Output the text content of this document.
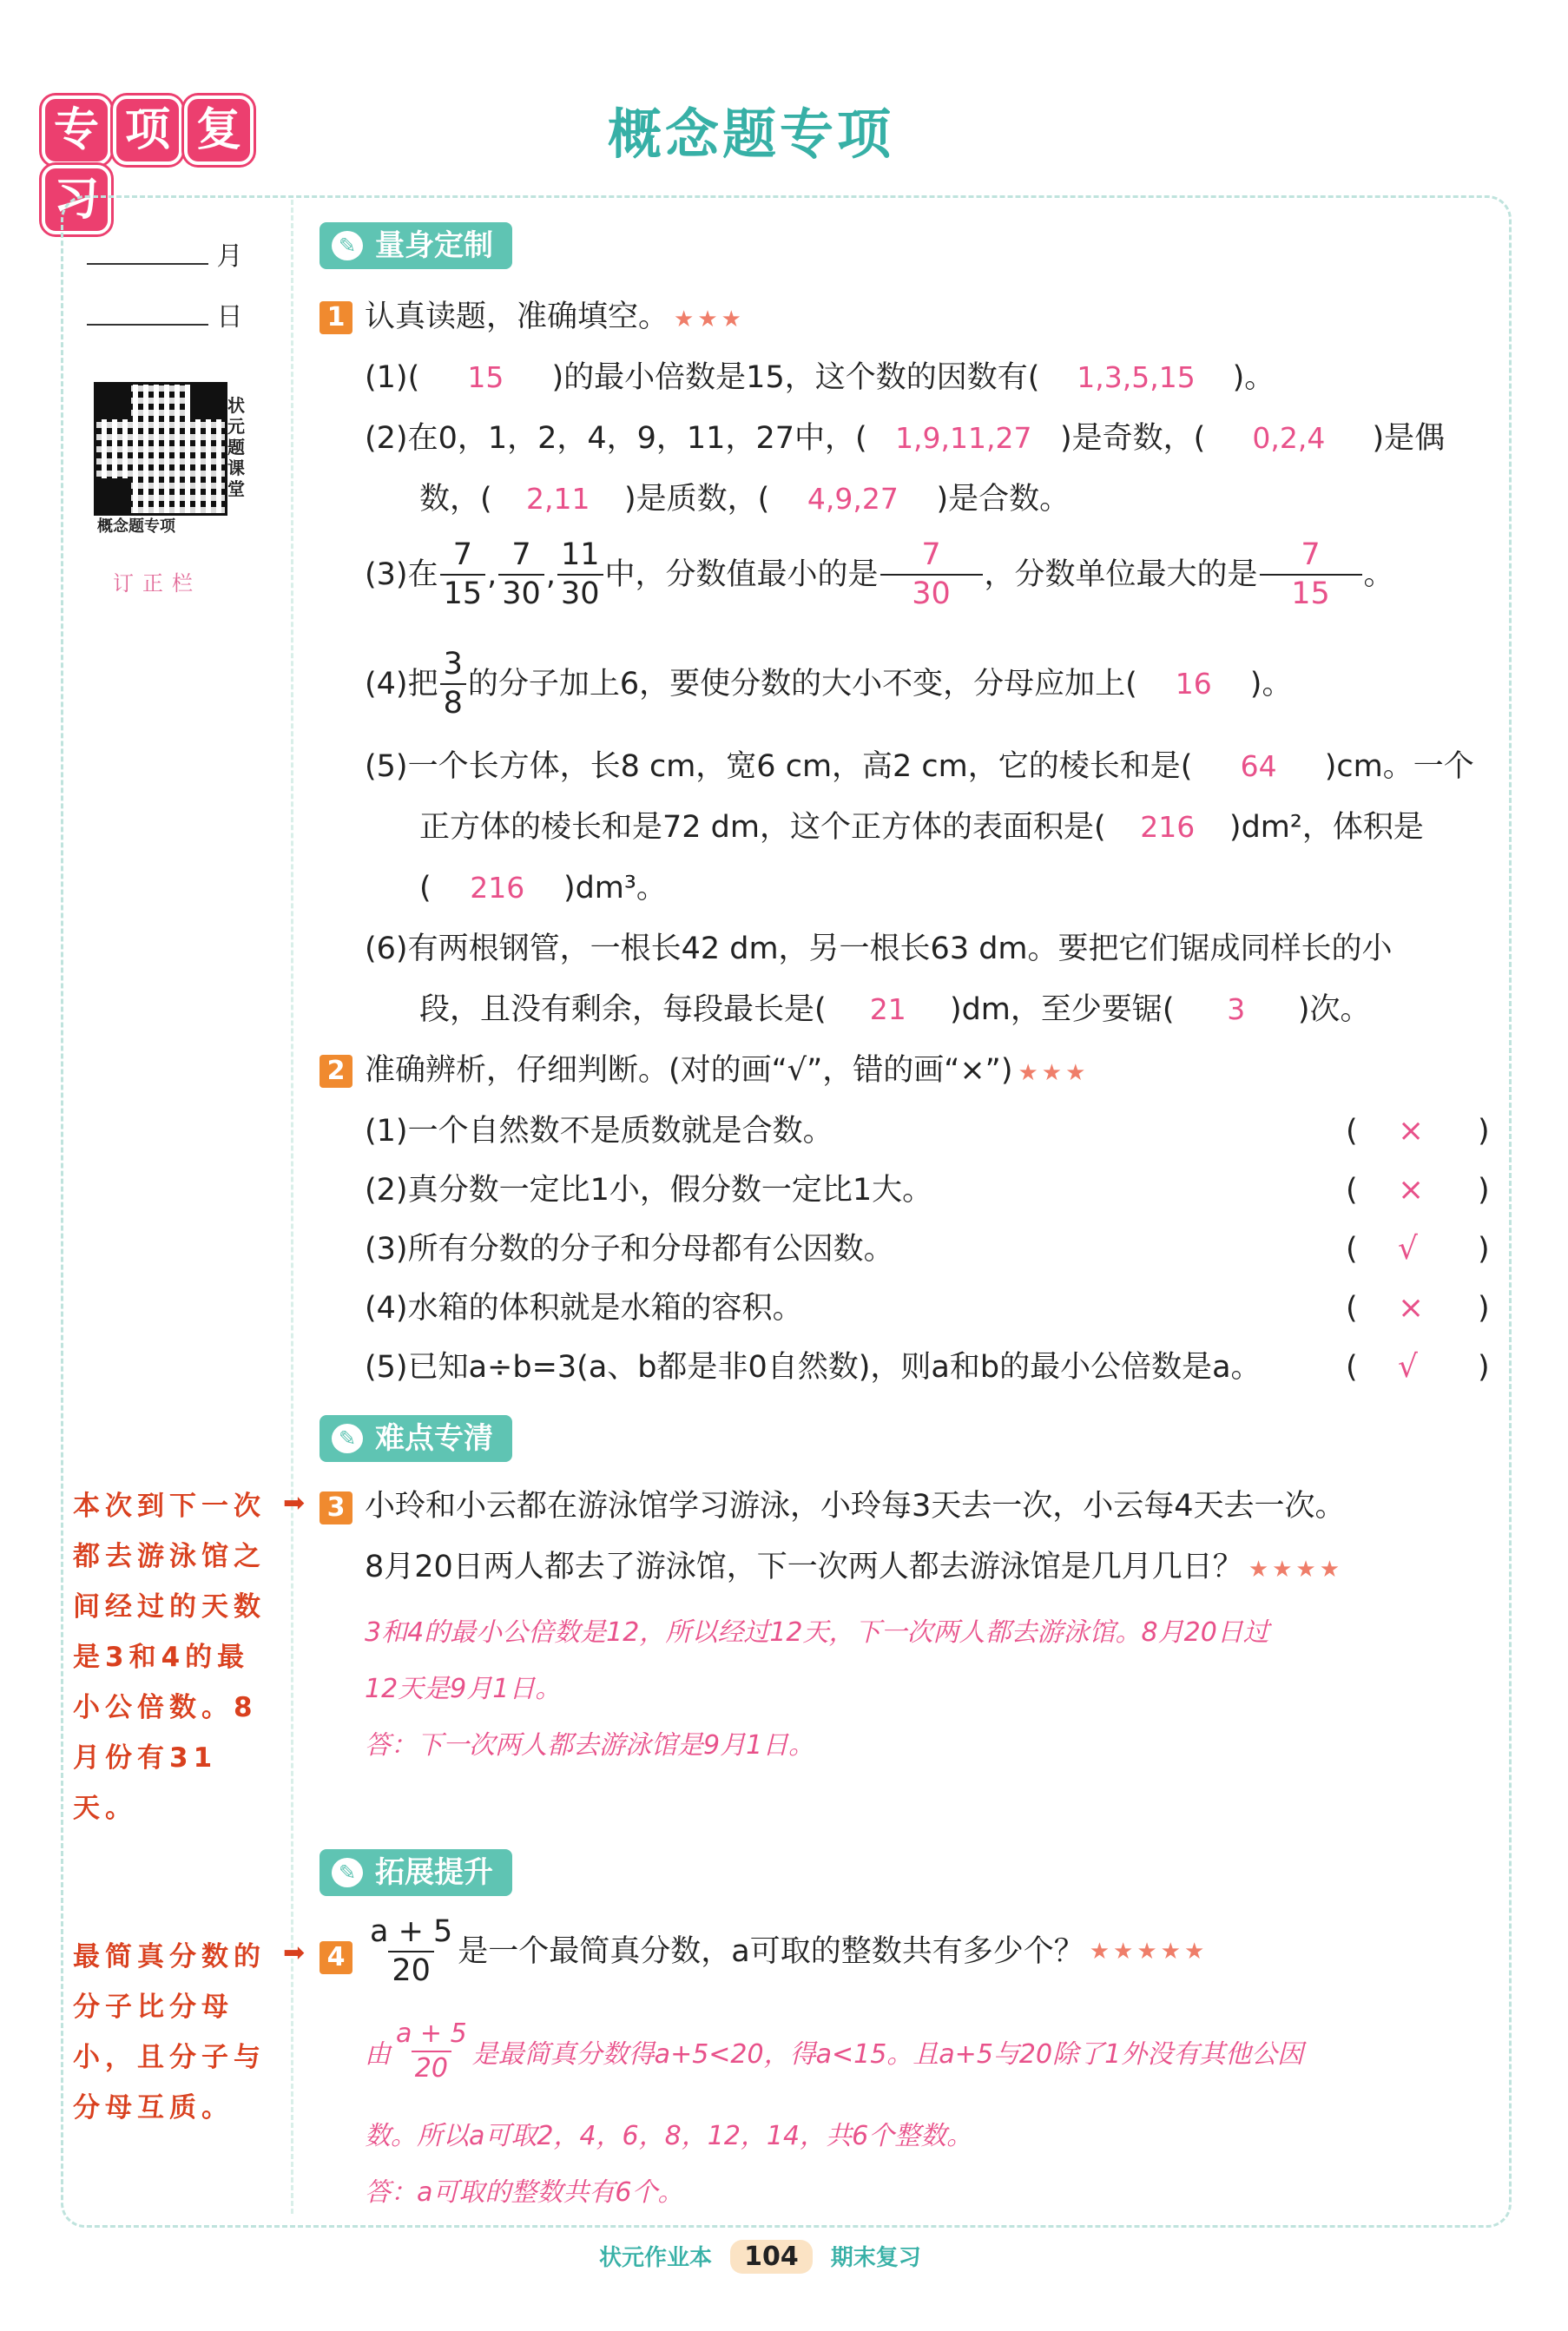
专 项 复习
概念题专项
月
日
状元题课堂
概念题专项
订正栏
✎ 量身定制
1 认真读题，准确填空。 ★★★
(1)( 15 )的最小倍数是15，这个数的因数有( 1,3,5,15 )。
(2)在0，1，2，4，9，11，27中，( 1,9,11,27 )是奇数，( 0,2,4 )是偶
数，( 2,11 )是质数，( 4,9,27 )是合数。
(3)在 $\frac{7}{15}$ , $\frac{7}{30}$ , $\frac{11}{30}$ 中，分数值最小的是 $\frac{7}{30}$ ，分数单位最大的是 $\frac{7}{15}$ 。
(4)把 $\frac{3}{8}$ 的分子加上6，要使分数的大小不变，分母应加上(	16	)。
(5)一个长方体，长8 cm，宽6 cm，高2 cm，它的棱长和是( 64 )cm。一个
正方体的棱长和是72 dm，这个正方体的表面积是( 216 )dm²，体积是
( 216 )dm³。
(6)有两根钢管，一根长42 dm，另一根长63 dm。要把它们锯成同样长的小
段，且没有剩余，每段最长是( 21 )dm，至少要锯( 3 )次。
2 准确辨析，仔细判断。(对的画“√”，错的画“×”) ★★★
(1)一个自然数不是质数就是合数。	( × )
(2)真分数一定比1小，假分数一定比1大。	( × )
(3)所有分数的分子和分母都有公因数。	( √ )
(4)水箱的体积就是水箱的容积。	( × )
(5)已知a÷b=3(a、b都是非0自然数)，则a和b的最小公倍数是a。	( √ )
✎ 难点专清
本次到下一次都去游泳馆之间经过的天数是3和4的最小公倍数。8月份有31天。
➡ 3 小玲和小云都在游泳馆学习游泳，小玲每3天去一次，小云每4天去一次。
8月20日两人都去了游泳馆，下一次两人都去游泳馆是几月几日？ ★★★★
3和4的最小公倍数是12，所以经过12天，下一次两人都去游泳馆。8月20日过
12天是9月1日。
答：下一次两人都去游泳馆是9月1日。
✎ 拓展提升
最简真分数的分子比分母小，且分子与分母互质。
➡ $4 \frac{a + 5}{20}$ 是一个最简真分数，a可取的整数共有多少个？ ★★★★★
由 $\frac{a + 5}{20}$ 是最简真分数得a+5<20，得a<15。且a+5与20除了1外没有其他公因
数。所以a可取2，4，6，8，12，14，共6个整数。
答：a可取的整数共有6个。
状元作业本 104 期末复习
